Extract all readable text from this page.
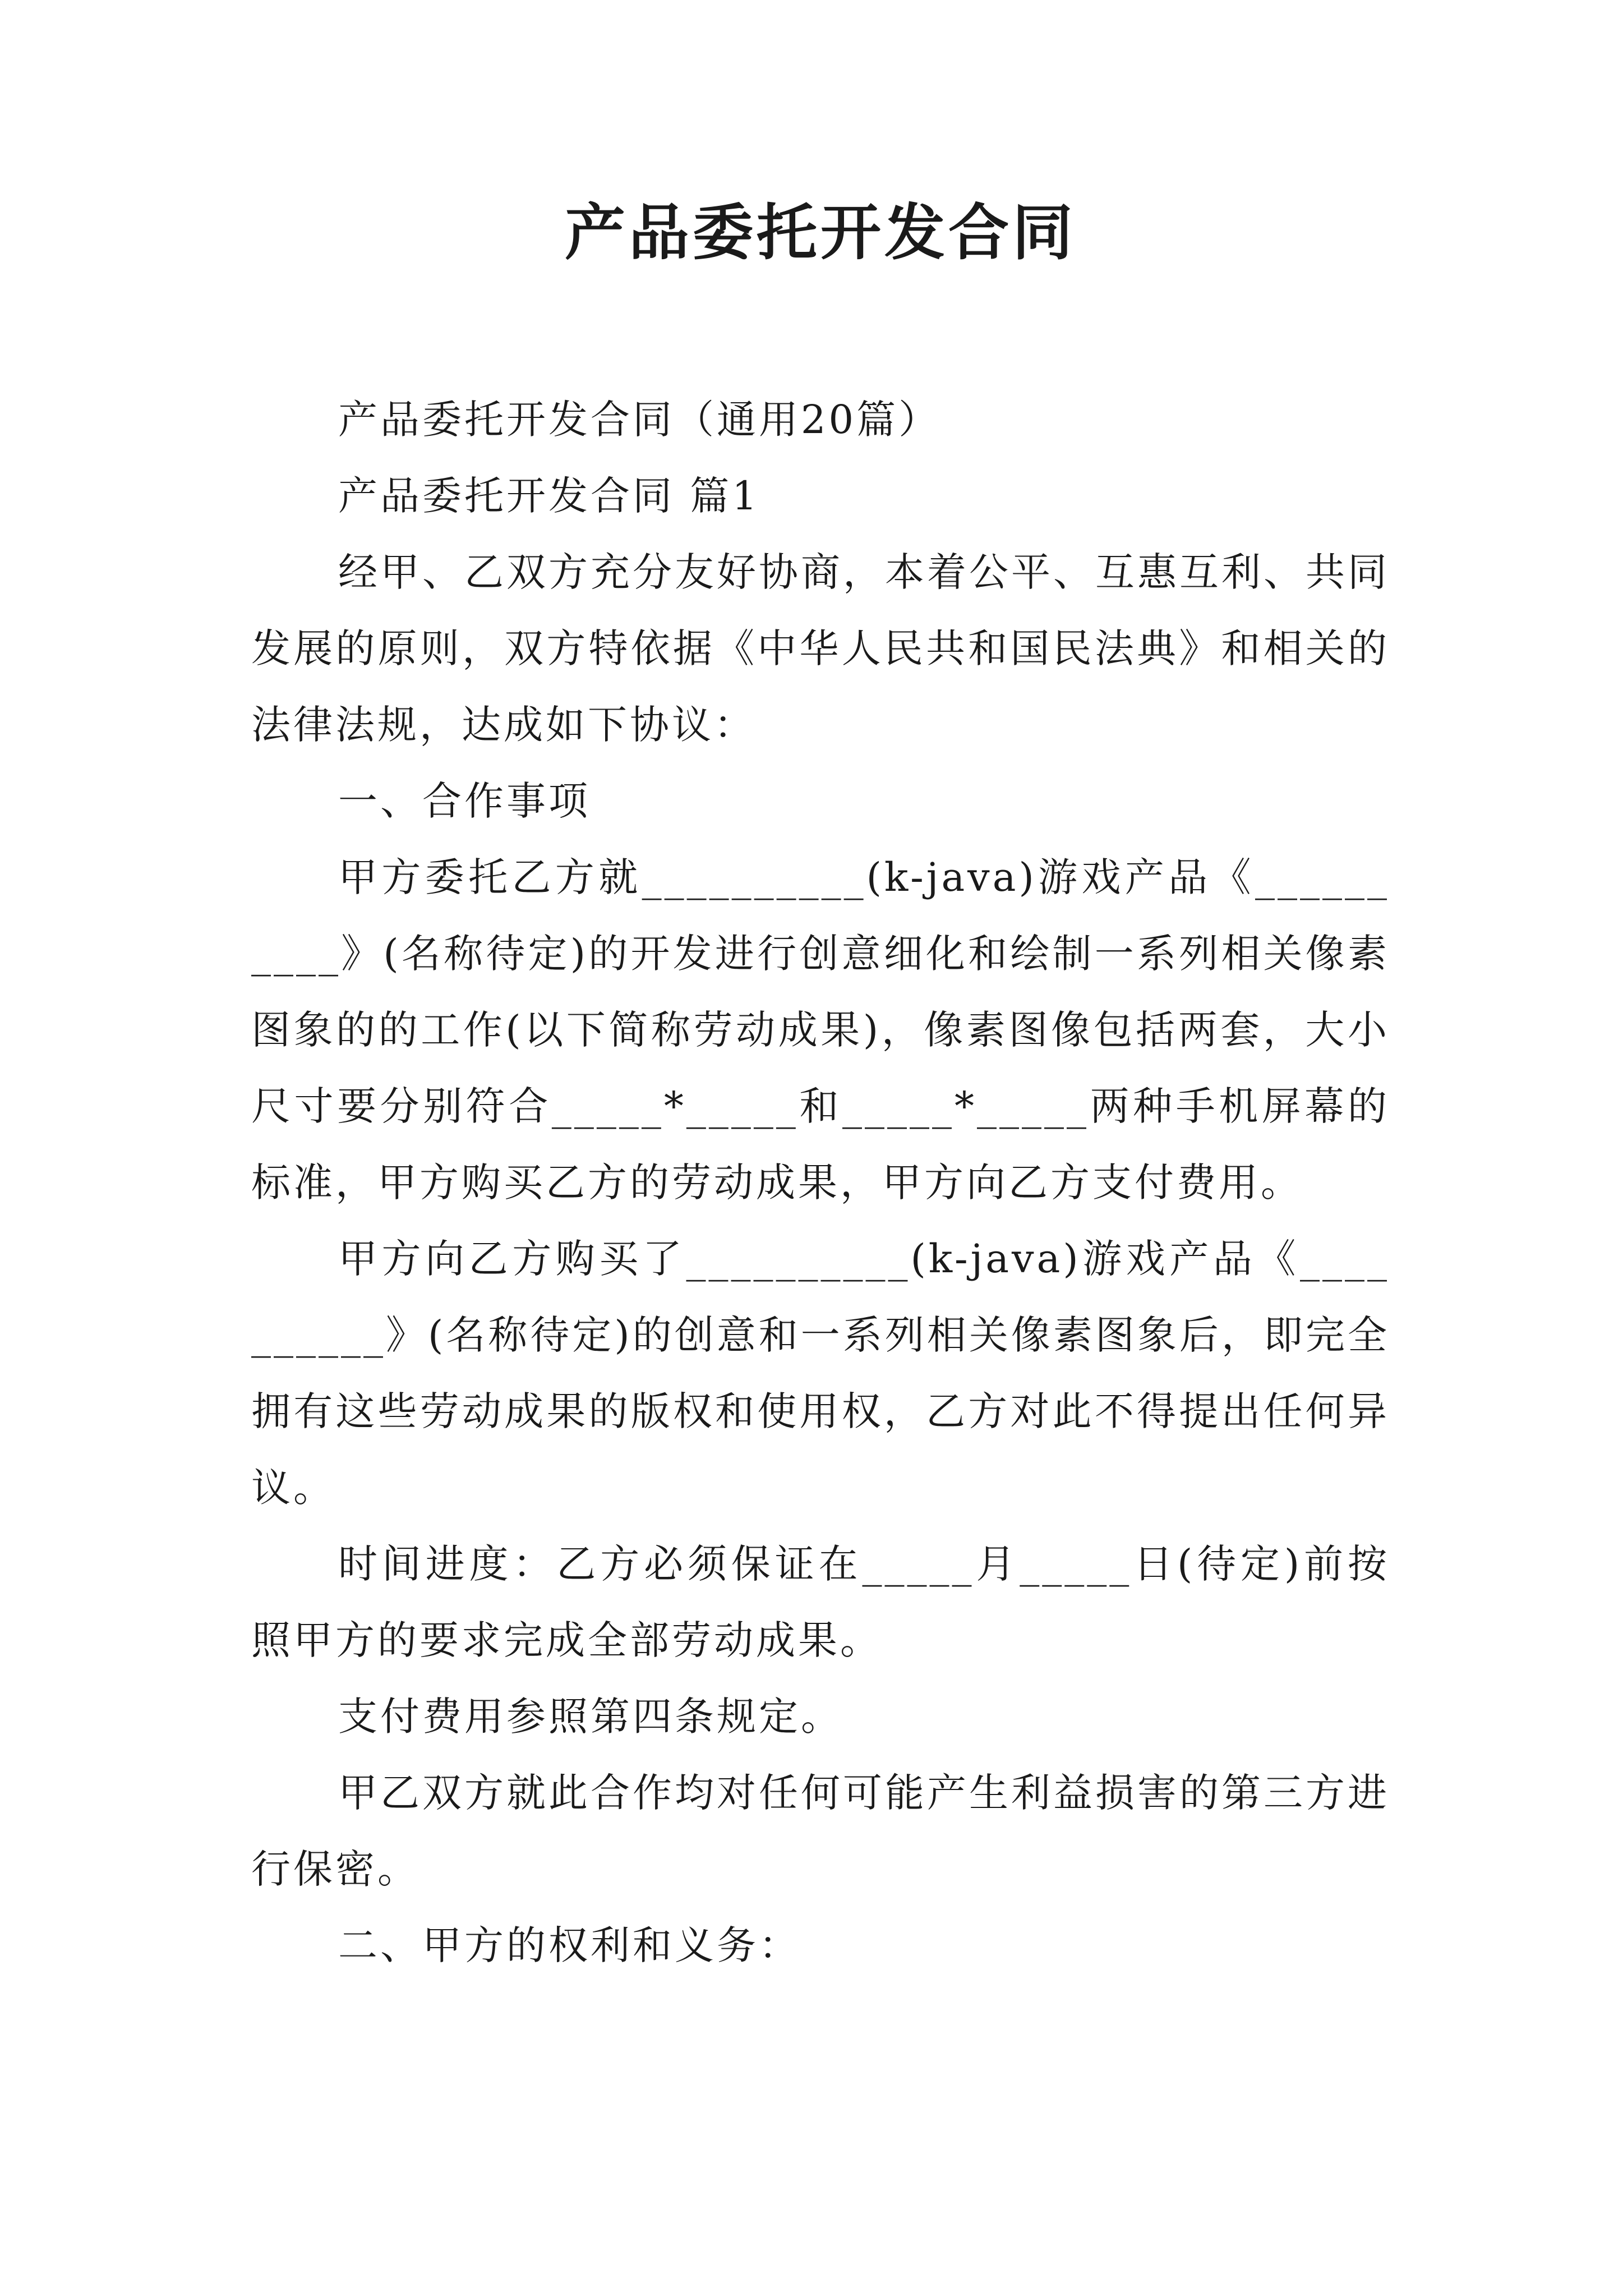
产品委托开发合同

产品委托开发合同（通用20篇）

产品委托开发合同 篇1

经甲、乙双方充分友好协商，本着公平、互惠互利、共同发展的原则，双方特依据《中华人民共和国民法典》和相关的法律法规，达成如下协议：

一、合作事项

甲方委托乙方就__________(k-java)游戏产品《__________》(名称待定)的开发进行创意细化和绘制一系列相关像素图象的的工作(以下简称劳动成果)，像素图像包括两套，大小尺寸要分别符合_____*_____和_____*_____两种手机屏幕的标准，甲方购买乙方的劳动成果，甲方向乙方支付费用。

甲方向乙方购买了__________(k-java)游戏产品《__________》(名称待定)的创意和一系列相关像素图象后，即完全拥有这些劳动成果的版权和使用权，乙方对此不得提出任何异议。

时间进度：乙方必须保证在_____月_____日(待定)前按照甲方的要求完成全部劳动成果。

支付费用参照第四条规定。

甲乙双方就此合作均对任何可能产生利益损害的第三方进行保密。

二、甲方的权利和义务：
